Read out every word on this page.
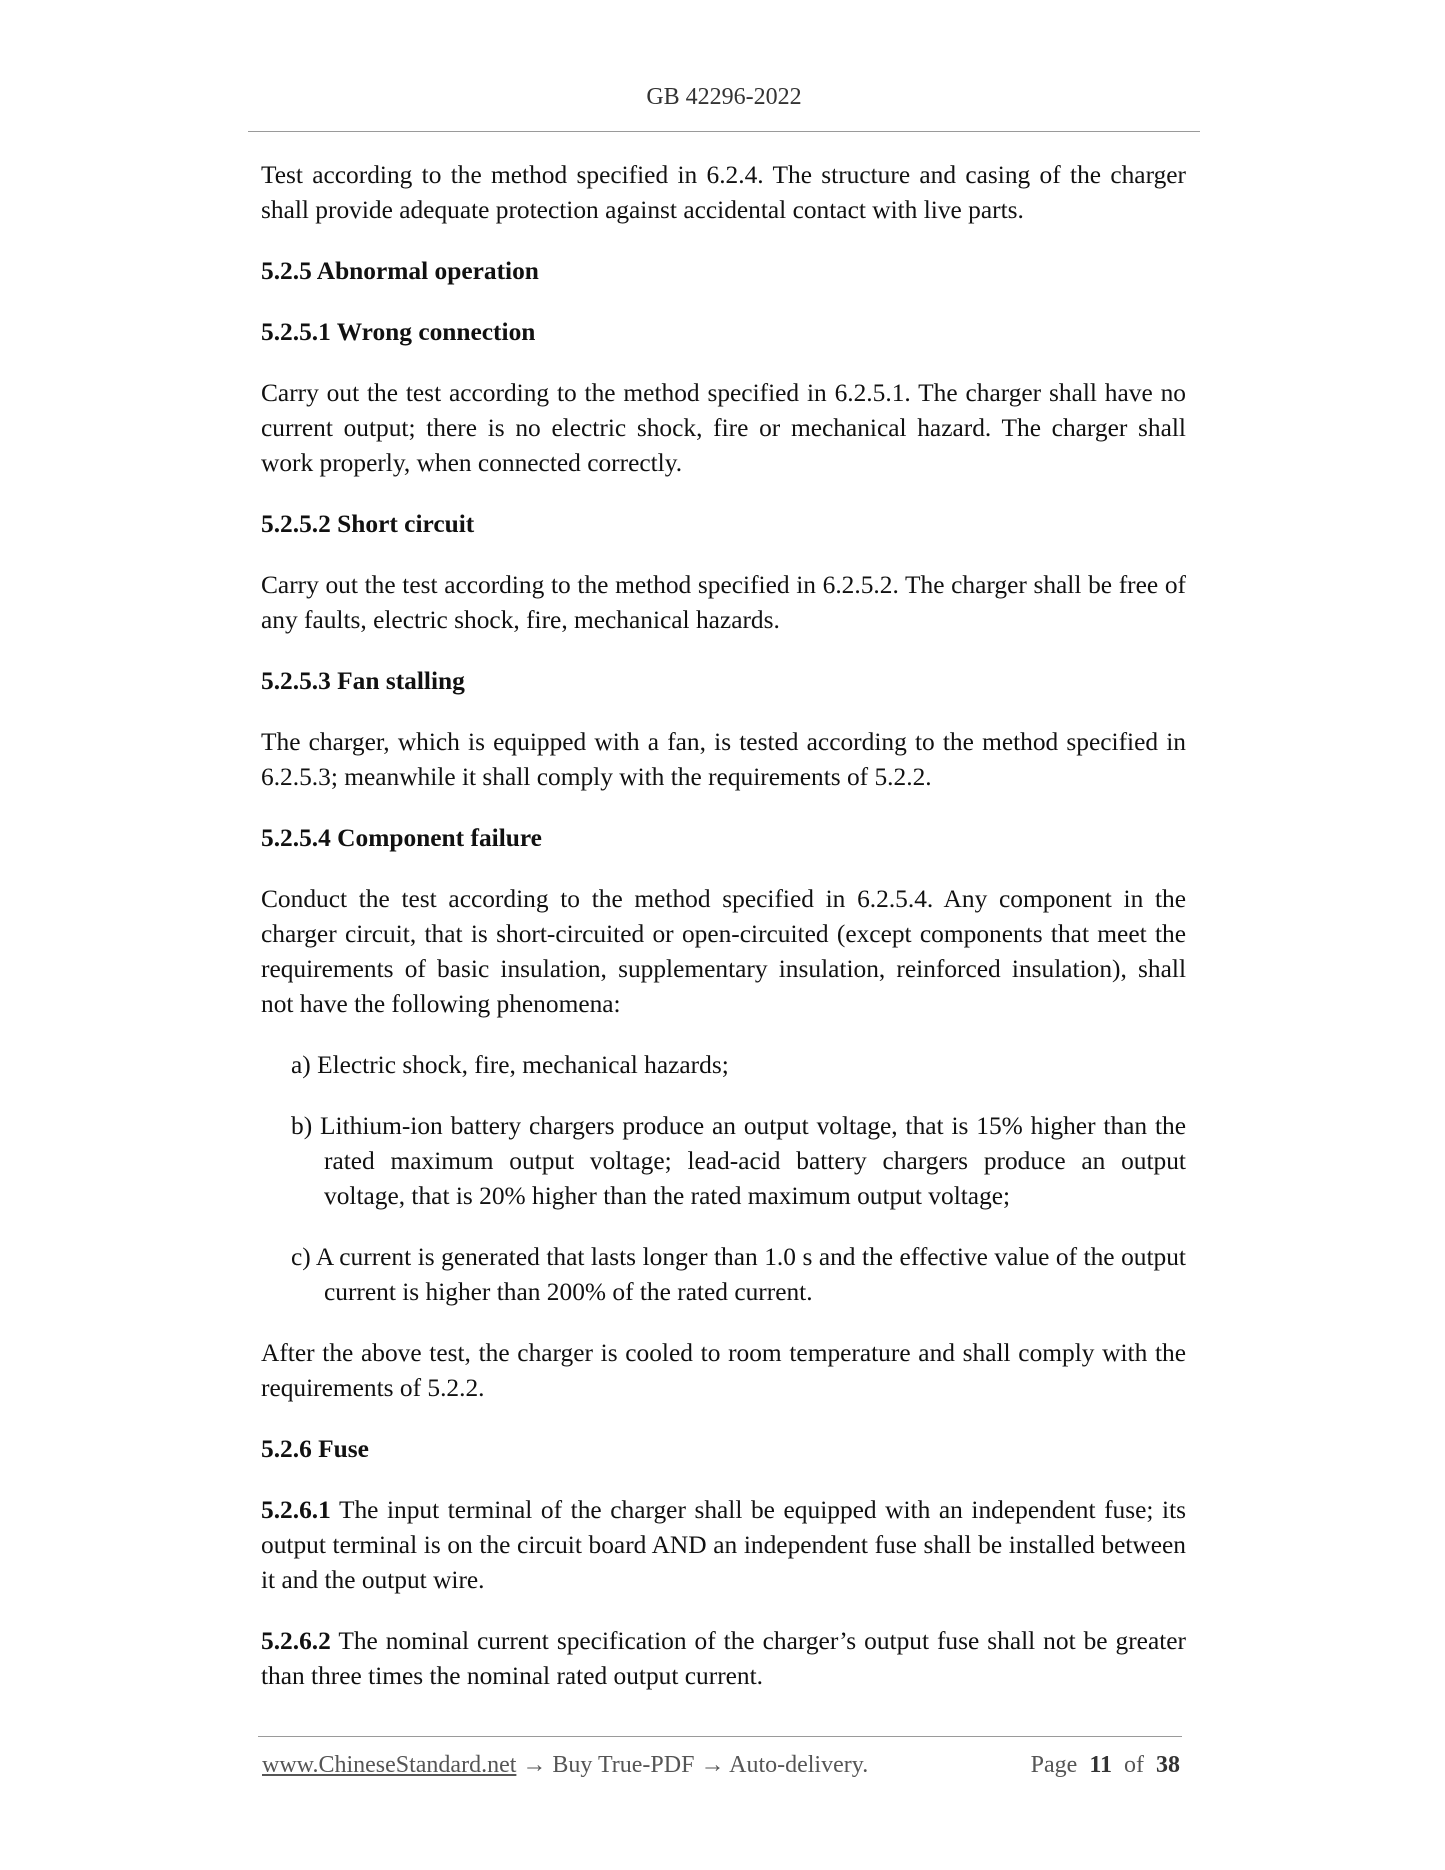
GB 42296-2022

Test according to the method specified in 6.2.4. The structure and casing of the charger shall provide adequate protection against accidental contact with live parts.

5.2.5 Abnormal operation

5.2.5.1 Wrong connection

Carry out the test according to the method specified in 6.2.5.1. The charger shall have no current output; there is no electric shock, fire or mechanical hazard. The charger shall work properly, when connected correctly.

5.2.5.2 Short circuit

Carry out the test according to the method specified in 6.2.5.2. The charger shall be free of any faults, electric shock, fire, mechanical hazards.

5.2.5.3 Fan stalling

The charger, which is equipped with a fan, is tested according to the method specified in 6.2.5.3; meanwhile it shall comply with the requirements of 5.2.2.

5.2.5.4 Component failure

Conduct the test according to the method specified in 6.2.5.4. Any component in the charger circuit, that is short-circuited or open-circuited (except components that meet the requirements of basic insulation, supplementary insulation, reinforced insulation), shall not have the following phenomena:

a) Electric shock, fire, mechanical hazards;

b) Lithium-ion battery chargers produce an output voltage, that is 15% higher than the rated maximum output voltage; lead-acid battery chargers produce an output voltage, that is 20% higher than the rated maximum output voltage;

c) A current is generated that lasts longer than 1.0 s and the effective value of the output current is higher than 200% of the rated current.

After the above test, the charger is cooled to room temperature and shall comply with the requirements of 5.2.2.

5.2.6 Fuse

5.2.6.1 The input terminal of the charger shall be equipped with an independent fuse; its output terminal is on the circuit board AND an independent fuse shall be installed between it and the output wire.

5.2.6.2 The nominal current specification of the charger’s output fuse shall not be greater than three times the nominal rated output current.

www.ChineseStandard.net → Buy True-PDF → Auto-delivery.	Page 11 of 38
